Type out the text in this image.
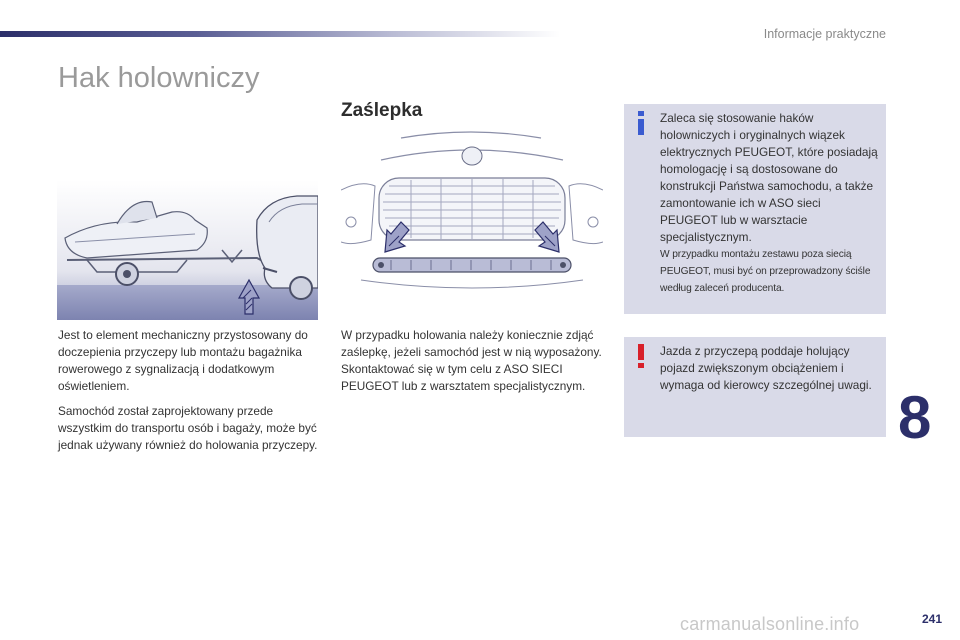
Informacje praktyczne
Hak holowniczy
Zaślepka

Jest to element mechaniczny przystosowany do doczepienia przyczepy lub montażu bagażnika rowerowego z sygnalizacją i dodatkowym oświetleniem.

Samochód został zaprojektowany przede wszystkim do transportu osób i bagaży, może być jednak używany również do holowania przyczepy.

W przypadku holowania należy koniecznie zdjąć zaślepkę, jeżeli samochód jest w nią wyposażony.

Skontaktować się w tym celu z ASO SIECI PEUGEOT lub z warsztatem specjalistycznym.

Zaleca się stosowanie haków holowniczych i oryginalnych wiązek elektrycznych PEUGEOT, które posiadają homologację i są dostosowane do konstrukcji Państwa samochodu, a także zamontowanie ich w ASO sieci PEUGEOT lub w warsztacie specjalistycznym.
W przypadku montażu zestawu poza siecią PEUGEOT, musi być on przeprowadzony ściśle według zaleceń producenta.
Jazda z przyczepą poddaje holujący pojazd zwiększonym obciążeniem i wymaga od kierowcy szczególnej uwagi. 8
carmanualsonline.info	241
